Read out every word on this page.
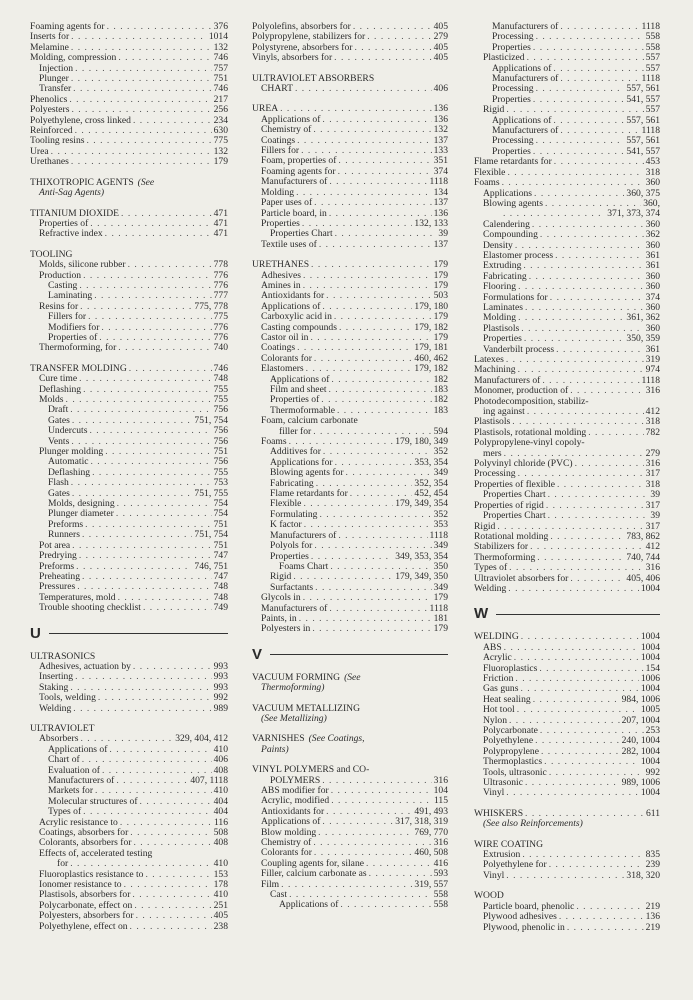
Foaming agents for . . .	376
Inserts for . . .	1014
Melamine . . .	132
Molding, compression . . .	746
Injection . . .	757
Plunger . . .	751
Transfer . . .	746
Phenolics . . .	217
Polyesters . . .	256
Polyethylene, cross linked . . .	234
Reinforced . . .	630
Tooling resins . . .	775
Urea . . .	132
Urethanes . . .	179
THIXOTROPIC AGENTS (See
Anti-Sag Agents)
TITANIUM DIOXIDE . . .	471
Properties of . . .	471
Refractive index . . .	471
TOOLING
Molds, silicone rubber . . .	778
Production . . .	776
Casting . . .	776
Laminating . . .	777
Resins for . . .	775, 778
Fillers for . . .	775
Modifiers for . . .	776
Properties of . . .	776
Thermoforming, for . . .	740
TRANSFER MOLDING . . .	746
Cure time . . .	748
Deflashing . . .	755
Molds . . .	755
Draft . . .	756
Gates . . .	751, 754
Undercuts . . .	756
Vents . . .	756
Plunger molding . . .	751
Automatic . . .	756
Deflashing . . .	755
Flash . . .	753
Gates . . .	751, 755
Molds, designing . . .	754
Plunger diameter . . .	754
Preforms . . .	751
Runners . . .	751, 754
Pot area . . .	751
Predrying . . .	747
Preforms . . .	746, 751
Preheating . . .	747
Pressures . . .	748
Temperatures, mold . . .	748
Trouble shooting checklist . . .	749
U
ULTRASONICS
Adhesives, actuation by . . .	993
Inserting . . .	993
Staking . . .	993
Tools, welding . . .	992
Welding . . .	989
ULTRAVIOLET
Absorbers . . .	329, 404, 412
Applications of . . .	410
Chart of . . .	406
Evaluation of . . .	408
Manufacturers of . . .	407, 1118
Markets for . . .	410
Molecular structures of . . .	404
Types of . . .	404
Acrylic resistance to . . .	116
Coatings, absorbers for . . .	508
Colorants, absorbers for . . .	408
Effects of, accelerated testing
for . . .	410
Fluoroplastics resistance to . . .	153
Ionomer resistance to . . .	178
Plastisols, absorbers for . . .	410
Polycarbonate, effect on . . .	251
Polyesters, absorbers for . . .	405
Polyethylene, effect on . . .	238
Polyolefins, absorbers for . . .	405
Polypropylene, stabilizers for . . .	279
Polystyrene, absorbers for . . .	405
Vinyls, absorbers for . . .	405
ULTRAVIOLET ABSORBERS
CHART . . .	406
UREA . . .	136
Applications of . . .	136
Chemistry of . . .	132
Coatings . . .	137
Fillers for . . .	133
Foam, properties of . . .	351
Foaming agents for . . .	374
Manufacturers of . . .	1118
Molding . . .	134
Paper uses of . . .	137
Particle board, in . . .	136
Properties . . .	132, 133
Properties Chart . . .	39
Textile uses of . . .	137
URETHANES . . .	179
Adhesives . . .	179
Amines in . . .	179
Antioxidants for . . .	503
Applications of . . .	179, 180
Carboxylic acid in . . .	179
Casting compounds . . .	179, 182
Castor oil in . . .	179
Coatings . . .	179, 181
Colorants for . . .	460, 462
Elastomers . . .	179, 182
Applications of . . .	182
Film and sheet . . .	183
Properties of . . .	182
Thermoformable . . .	183
Foam, calcium carbonate
filler for . . .	594
Foams . . .	179, 180, 349
Additives for . . .	352
Applications for . . .	353, 354
Blowing agents for . . .	349
Fabricating . . .	352, 354
Flame retardants for . . .	452, 454
Flexible . . .	179, 349, 354
Formulating . . .	352
K factor . . .	353
Manufacturers of . . .	1118
Polyols for . . .	349
Properties . . .	349, 353, 354
Foams Chart . . .	350
Rigid . . .	179, 349, 350
Surfactants . . .	349
Glycols in . . .	179
Manufacturers of . . .	1118
Paints, in . . .	181
Polyesters in . . .	179
V
VACUUM FORMING (See
Thermoforming)
VACUUM METALLIZING
(See Metallizing)
VARNISHES (See Coatings,
Paints)
VINYL POLYMERS and CO-
POLYMERS . . .	316
ABS modifier for . . .	104
Acrylic, modified . . .	115
Antioxidants for . . .	491, 493
Applications of . . .	317, 318, 319
Blow molding . . .	769, 770
Chemistry of . . .	316
Colorants for . . .	460, 508
Coupling agents for, silane . . .	416
Filler, calcium carbonate as . . .	593
Film . . .	319, 557
Cast . . .	558
Applications of . . .	558
Manufacturers of . . .	1118
Processing . . .	558
Properties . . .	558
Plasticized . . .	557
Applications of . . .	557
Manufacturers of . . .	1118
Processing . . .	557, 561
Properties . . .	541, 557
Rigid . . .	557
Applications of . . .	557, 561
Manufacturers of . . .	1118
Processing . . .	557, 561
Properties . . .	541, 557
Flame retardants for . . .	453
Flexible . . .	318
Foams . . .	360
Applications . . .	360, 375
Blowing agents . . .	360,
. . .
371, 373, 374
Calendering . . .	360
Compounding . . .	362
Density . . .	360
Elastomer process . . .	361
Extruding . . .	361
Fabricating . . .	360
Flooring . . .	360
Formulations for . . .	374
Laminates . . .	360
Molding . . .	361, 362
Plastisols . . .	360
Properties . . .	350, 359
Vanderbilt process . . .	361
Latexes . . .	319
Machining . . .	974
Manufacturers of . . .	1118
Monomer, production of . . .	316
Photodecomposition, stabiliz-
ing against . . .	412
Plastisols . . .	318
Plastisols, rotational molding . . .	782
Polypropylene-vinyl copoly-
mers . . .	279
Polyvinyl chloride (PVC) . . .	316
Processing . . .	317
Properties of flexible . . .	318
Properties Chart . . .	39
Properties of rigid . . .	317
Properties Chart . . .	39
Rigid . . .	317
Rotational molding . . .	783, 862
Stabilizers for . . .	412
Thermoforming . . .	740, 744
Types of . . .	316
Ultraviolet absorbers for . . .	405, 406
Welding . . .	1004
W
WELDING . . .	1004
ABS . . .	1004
Acrylic . . .	1004
Fluoroplastics . . .	154
Friction . . .	1006
Gas guns . . .	1004
Heat sealing . . .	984, 1006
Hot tool . . .	1005
Nylon . . .	207, 1004
Polycarbonate . . .	253
Polyethylene . . .	240, 1004
Polypropylene . . .	282, 1004
Thermoplastics . . .	1004
Tools, ultrasonic . . .	992
Ultrasonic . . .	989, 1006
Vinyl . . .	1004
WHISKERS . . .	611
(See also Reinforcements)
WIRE COATING
Extrusion . . .	835
Polyethylene for . . .	239
Vinyl . . .	318, 320
WOOD
Particle board, phenolic . . .	219
Plywood adhesives . . .	136
Plywood, phenolic in . . .	219
